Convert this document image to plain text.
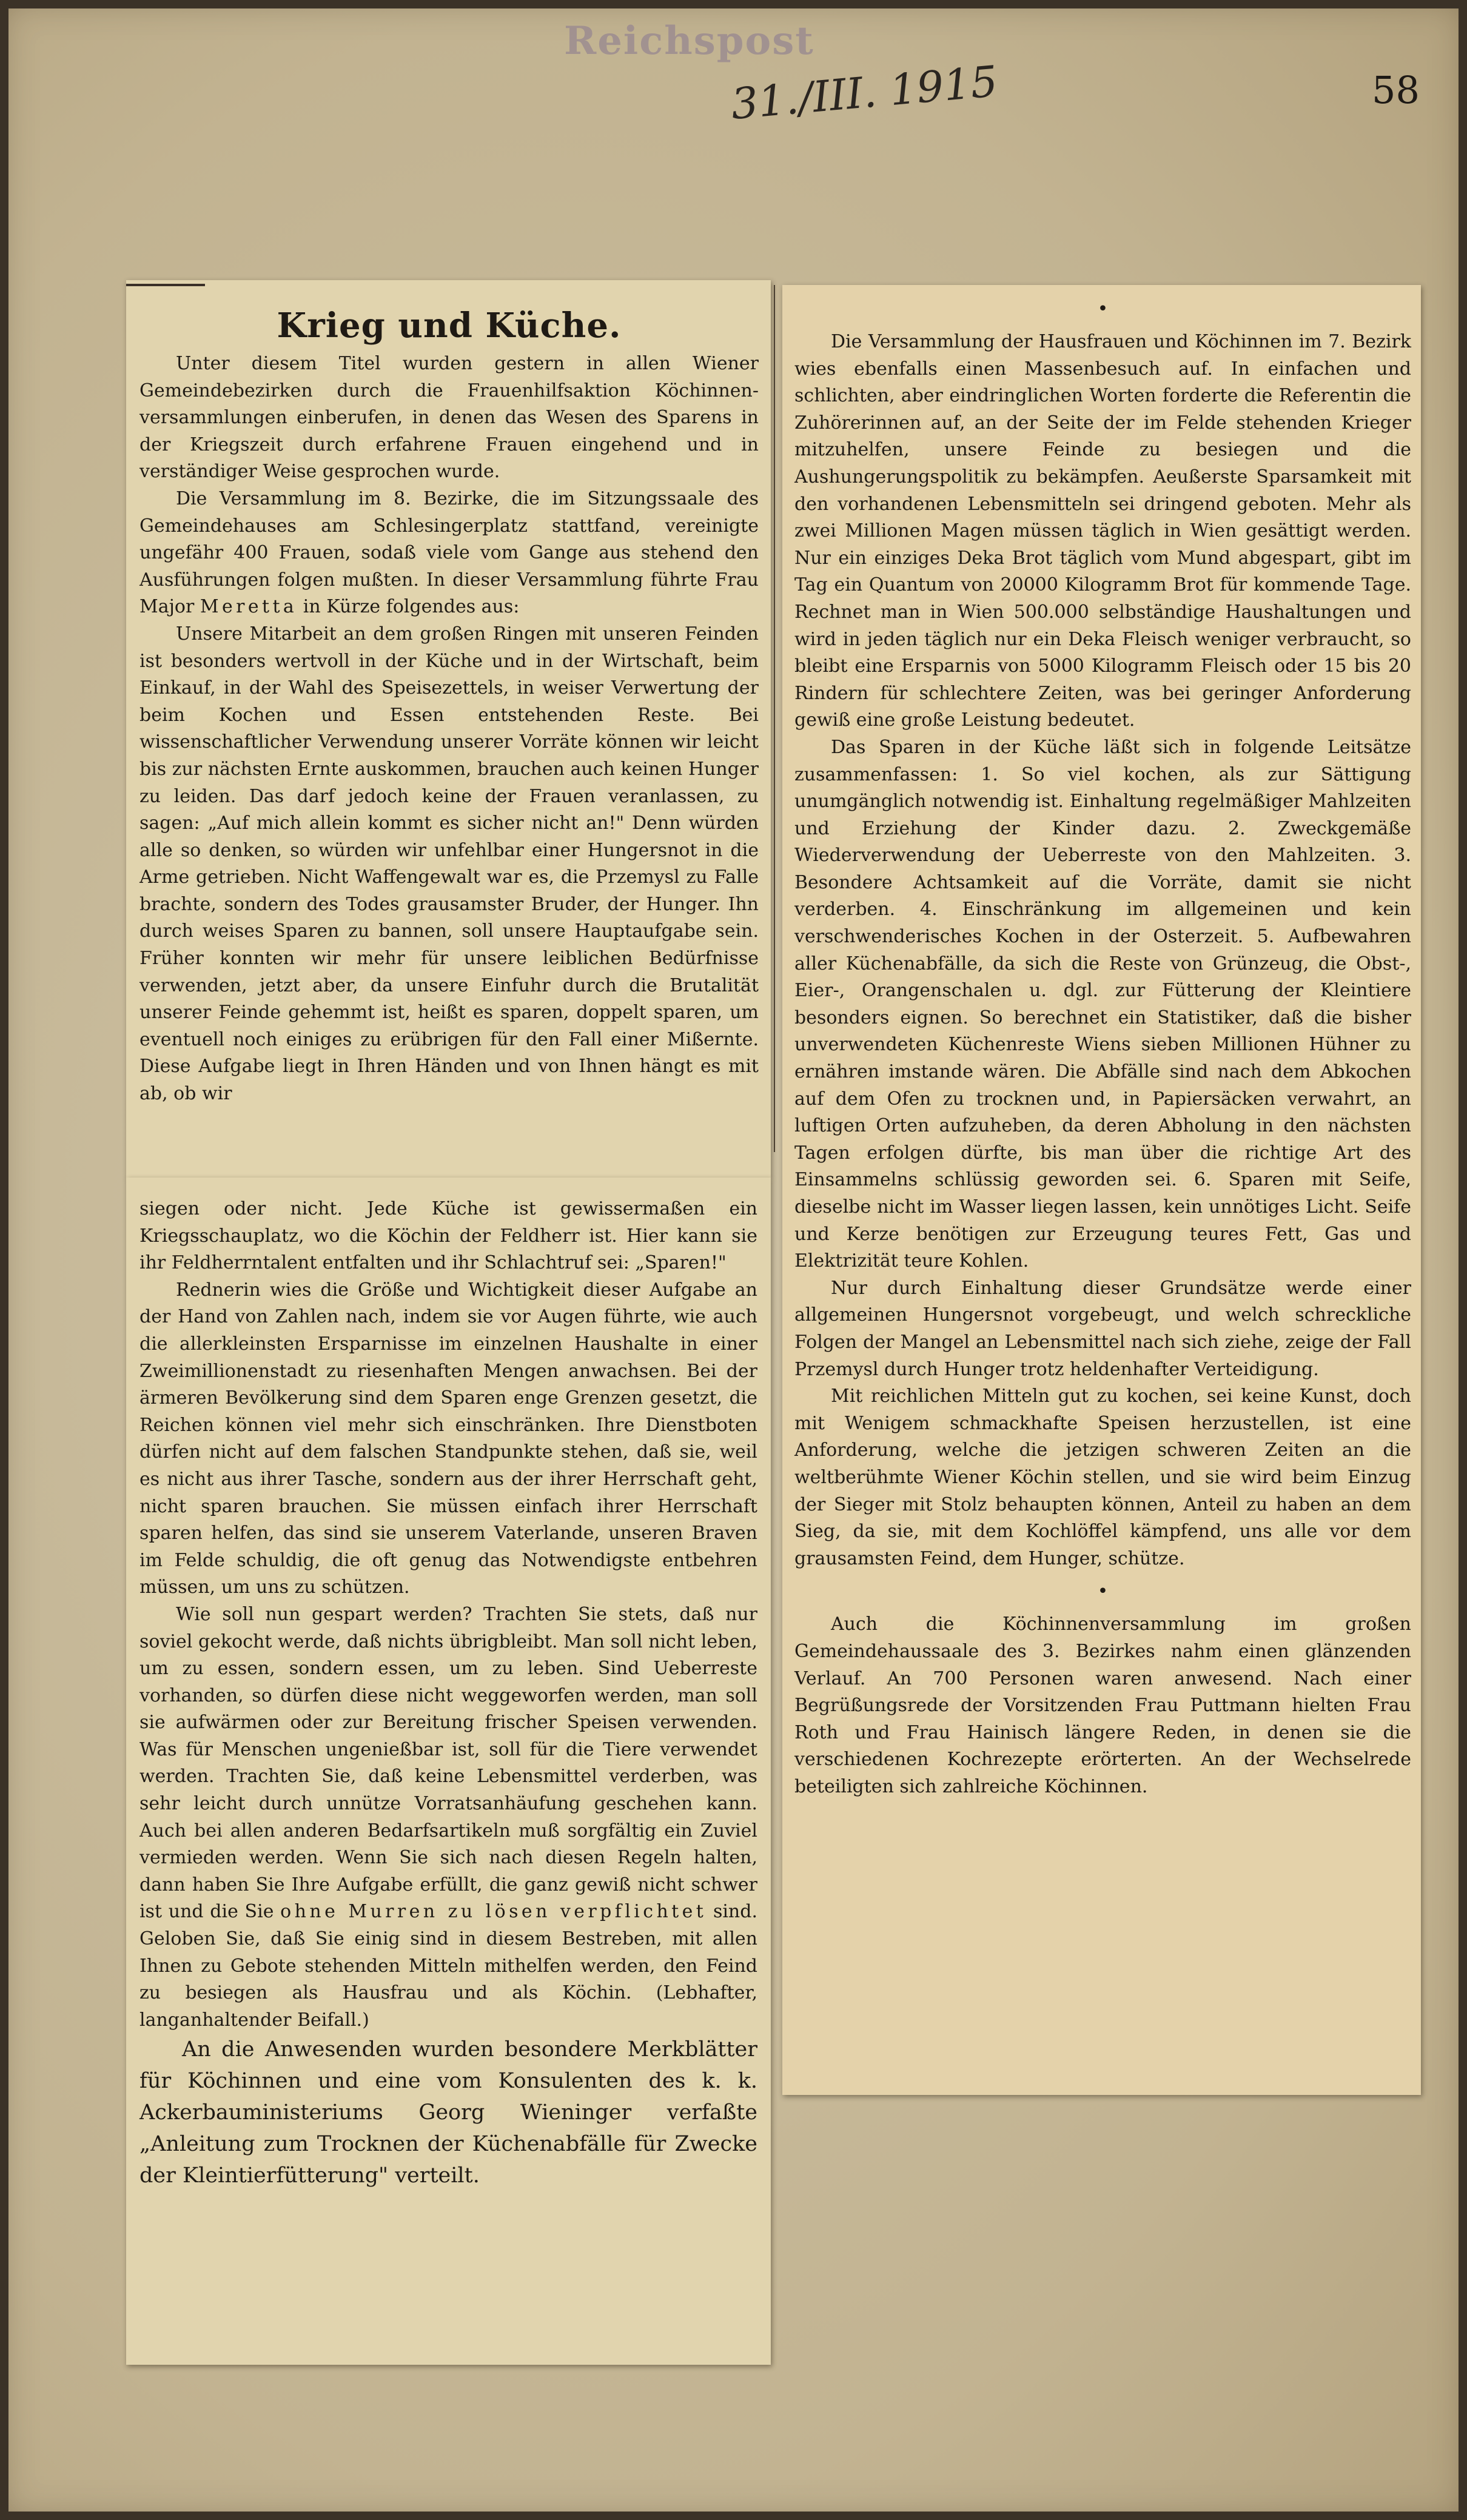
Reichspost
31./III. 1915	58
Krieg und Küche.

Unter diesem Titel wurden gestern in allen Wiener Gemeindebezirken durch die Frauenhilfsaktion Köchinnen-versammlungen einberufen, in denen das Wesen des Sparens in der Kriegszeit durch erfahrene Frauen eingehend und in verständiger Weise gesprochen wurde.

Die Versammlung im 8. Bezirke, die im Sitzungssaale des Gemeindehauses am Schlesingerplatz stattfand, vereinigte ungefähr 400 Frauen, sodaß viele vom Gange aus stehend den Ausführungen folgen mußten. In dieser Versammlung führte Frau Major Meretta in Kürze folgendes aus:

Unsere Mitarbeit an dem großen Ringen mit unseren Feinden ist besonders wertvoll in der Küche und in der Wirtschaft, beim Einkauf, in der Wahl des Speisezettels, in weiser Verwertung der beim Kochen und Essen entstehenden Reste. Bei wissenschaftlicher Verwendung unserer Vorräte können wir leicht bis zur nächsten Ernte auskommen, brauchen auch keinen Hunger zu leiden. Das darf jedoch keine der Frauen veranlassen, zu sagen: „Auf mich allein kommt es sicher nicht an!" Denn würden alle so denken, so würden wir unfehlbar einer Hungersnot in die Arme getrieben. Nicht Waffengewalt war es, die Przemysl zu Falle brachte, sondern des Todes grausamster Bruder, der Hunger. Ihn durch weises Sparen zu bannen, soll unsere Hauptaufgabe sein. Früher konnten wir mehr für unsere leiblichen Bedürfnisse verwenden, jetzt aber, da unsere Einfuhr durch die Brutalität unserer Feinde gehemmt ist, heißt es sparen, doppelt sparen, um eventuell noch einiges zu erübrigen für den Fall einer Mißernte. Diese Aufgabe liegt in Ihren Händen und von Ihnen hängt es mit ab, ob wir

siegen oder nicht. Jede Küche ist gewissermaßen ein Kriegsschauplatz, wo die Köchin der Feldherr ist. Hier kann sie ihr Feldherrntalent entfalten und ihr Schlachtruf sei: „Sparen!"

Rednerin wies die Größe und Wichtigkeit dieser Aufgabe an der Hand von Zahlen nach, indem sie vor Augen führte, wie auch die allerkleinsten Ersparnisse im einzelnen Haushalte in einer Zweimillionenstadt zu riesenhaften Mengen anwachsen. Bei der ärmeren Bevölkerung sind dem Sparen enge Grenzen gesetzt, die Reichen können viel mehr sich einschränken. Ihre Dienstboten dürfen nicht auf dem falschen Standpunkte stehen, daß sie, weil es nicht aus ihrer Tasche, sondern aus der ihrer Herrschaft geht, nicht sparen brauchen. Sie müssen einfach ihrer Herrschaft sparen helfen, das sind sie unserem Vaterlande, unseren Braven im Felde schuldig, die oft genug das Notwendigste entbehren müssen, um uns zu schützen.

Wie soll nun gespart werden? Trachten Sie stets, daß nur soviel gekocht werde, daß nichts übrigbleibt. Man soll nicht leben, um zu essen, sondern essen, um zu leben. Sind Ueberreste vorhanden, so dürfen diese nicht weggeworfen werden, man soll sie aufwärmen oder zur Bereitung frischer Speisen verwenden. Was für Menschen ungenießbar ist, soll für die Tiere verwendet werden. Trachten Sie, daß keine Lebensmittel verderben, was sehr leicht durch unnütze Vorratsanhäufung geschehen kann. Auch bei allen anderen Bedarfsartikeln muß sorgfältig ein Zuviel vermieden werden. Wenn Sie sich nach diesen Regeln halten, dann haben Sie Ihre Aufgabe erfüllt, die ganz gewiß nicht schwer ist und die Sie ohne Murren zu lösen verpflichtet sind. Geloben Sie, daß Sie einig sind in diesem Bestreben, mit allen Ihnen zu Gebote stehenden Mitteln mithelfen werden, den Feind zu besiegen als Hausfrau und als Köchin. (Lebhafter, langanhaltender Beifall.)

An die Anwesenden wurden besondere Merkblätter für Köchinnen und eine vom Konsulenten des k. k. Ackerbauministeriums Georg Wieninger verfaßte „Anleitung zum Trocknen der Küchenabfälle für Zwecke der Kleintierfütterung" verteilt.

•

Die Versammlung der Hausfrauen und Köchinnen im 7. Bezirk wies ebenfalls einen Massenbesuch auf. In einfachen und schlichten, aber eindringlichen Worten forderte die Referentin die Zuhörerinnen auf, an der Seite der im Felde stehenden Krieger mitzuhelfen, unsere Feinde zu besiegen und die Aushungerungspolitik zu bekämpfen. Aeußerste Sparsamkeit mit den vorhandenen Lebensmitteln sei dringend geboten. Mehr als zwei Millionen Magen müssen täglich in Wien gesättigt werden. Nur ein einziges Deka Brot täglich vom Mund abgespart, gibt im Tag ein Quantum von 20000 Kilogramm Brot für kommende Tage. Rechnet man in Wien 500.000 selbständige Haushaltungen und wird in jeden täglich nur ein Deka Fleisch weniger verbraucht, so bleibt eine Ersparnis von 5000 Kilogramm Fleisch oder 15 bis 20 Rindern für schlechtere Zeiten, was bei geringer Anforderung gewiß eine große Leistung bedeutet.

Das Sparen in der Küche läßt sich in folgende Leitsätze zusammenfassen: 1. So viel kochen, als zur Sättigung unumgänglich notwendig ist. Einhaltung regelmäßiger Mahlzeiten und Erziehung der Kinder dazu. 2. Zweckgemäße Wiederverwendung der Ueberreste von den Mahlzeiten. 3. Besondere Achtsamkeit auf die Vorräte, damit sie nicht verderben. 4. Einschränkung im allgemeinen und kein verschwenderisches Kochen in der Osterzeit. 5. Aufbewahren aller Küchenabfälle, da sich die Reste von Grünzeug, die Obst-, Eier-, Orangenschalen u. dgl. zur Fütterung der Kleintiere besonders eignen. So berechnet ein Statistiker, daß die bisher unverwendeten Küchenreste Wiens sieben Millionen Hühner zu ernähren imstande wären. Die Abfälle sind nach dem Abkochen auf dem Ofen zu trocknen und, in Papiersäcken verwahrt, an luftigen Orten aufzuheben, da deren Abholung in den nächsten Tagen erfolgen dürfte, bis man über die richtige Art des Einsammelns schlüssig geworden sei. 6. Sparen mit Seife, dieselbe nicht im Wasser liegen lassen, kein unnötiges Licht. Seife und Kerze benötigen zur Erzeugung teures Fett, Gas und Elektrizität teure Kohlen.

Nur durch Einhaltung dieser Grundsätze werde einer allgemeinen Hungersnot vorgebeugt, und welch schreckliche Folgen der Mangel an Lebensmittel nach sich ziehe, zeige der Fall Przemysl durch Hunger trotz heldenhafter Verteidigung.

Mit reichlichen Mitteln gut zu kochen, sei keine Kunst, doch mit Wenigem schmackhafte Speisen herzustellen, ist eine Anforderung, welche die jetzigen schweren Zeiten an die weltberühmte Wiener Köchin stellen, und sie wird beim Einzug der Sieger mit Stolz behaupten können, Anteil zu haben an dem Sieg, da sie, mit dem Kochlöffel kämpfend, uns alle vor dem grausamsten Feind, dem Hunger, schütze.

•

Auch die Köchinnenversammlung im großen Gemeindehaussaale des 3. Bezirkes nahm einen glänzenden Verlauf. An 700 Personen waren anwesend. Nach einer Begrüßungsrede der Vorsitzenden Frau Puttmann hielten Frau Roth und Frau Hainisch längere Reden, in denen sie die verschiedenen Kochrezepte erörterten. An der Wechselrede beteiligten sich zahlreiche Köchinnen.
